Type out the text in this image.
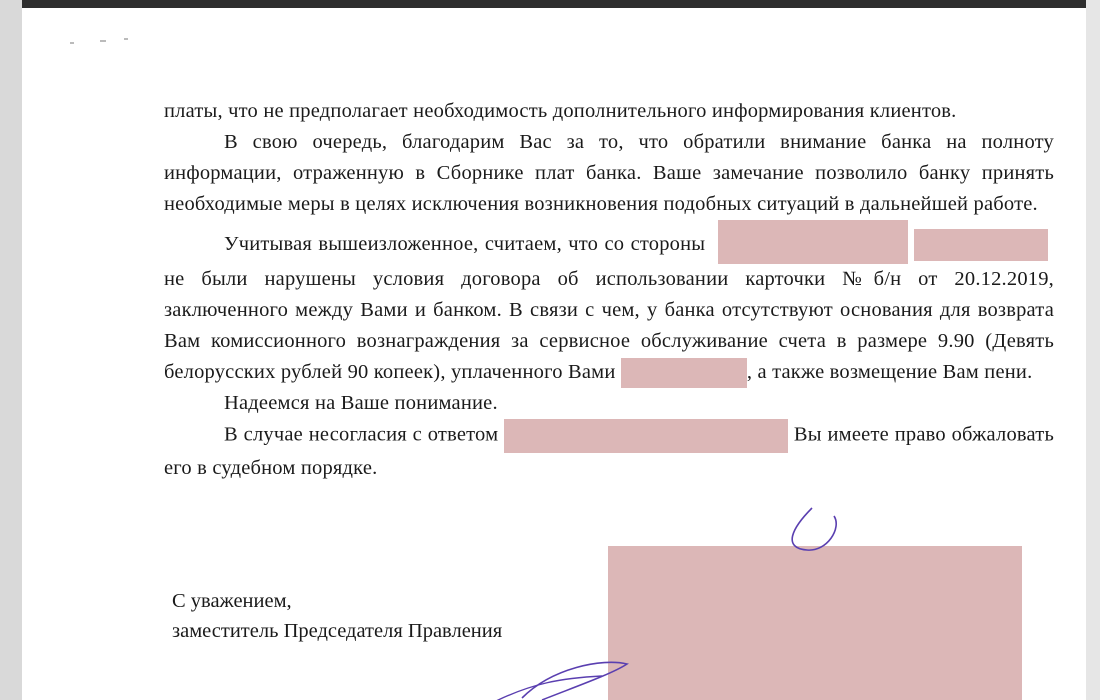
платы, что не предполагает необходимость дополнительного информирования клиентов.

В свою очередь, благодарим Вас за то, что обратили внимание банка на полноту информации, отраженную в Сборнике плат банка. Ваше замечание позволило банку принять необходимые меры в целях исключения возникновения подобных ситуаций в дальнейшей работе.

Учитывая вышеизложенное, считаем, что со стороны  не были нарушены условия договора об использовании карточки №б/н от 20.12.2019, заключенного между Вами и банком. В связи с чем, у банка отсутствуют основания для возврата Вам комиссионного вознаграждения за сервисное обслуживание счета в размере 9.90 (Девять белорусских рублей 90 копеек), уплаченного Вами	, а также возмещение Вам пени.

Надеемся на Ваше понимание.

В случае несогласия с ответом	Вы имеете право обжаловать его в судебном порядке.

С уважением,
заместитель Председателя Правления
